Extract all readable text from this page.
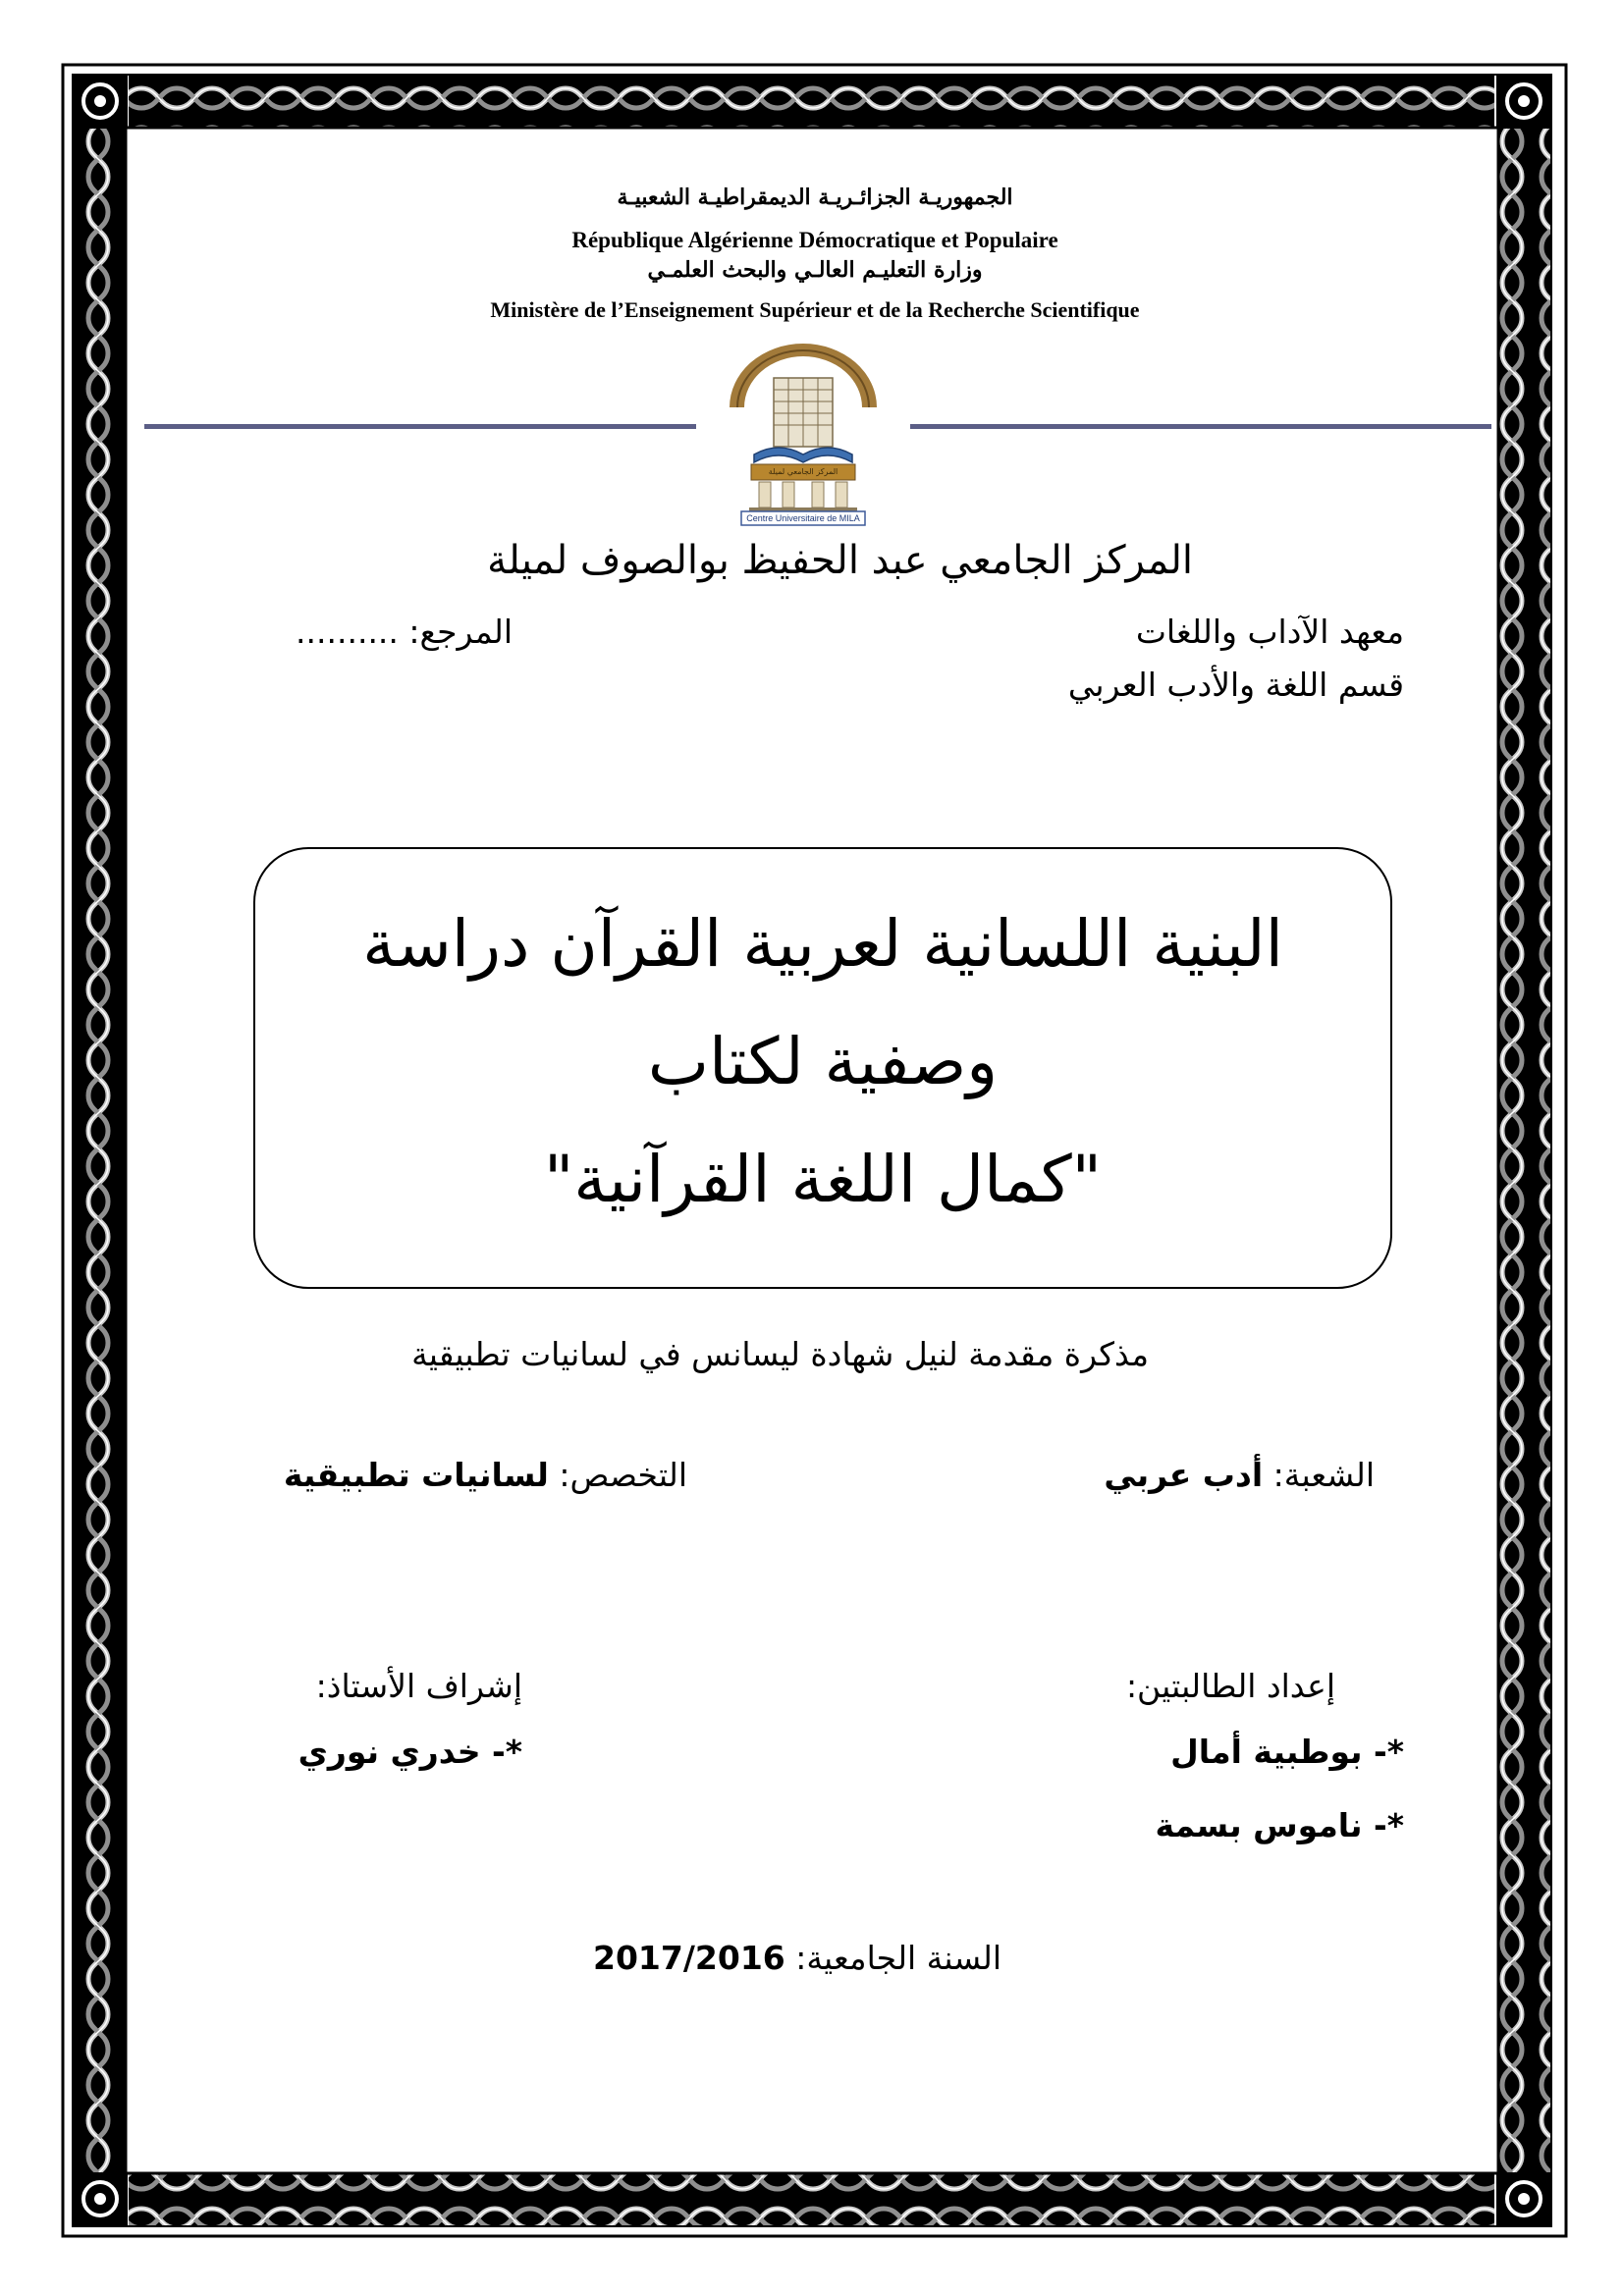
الجمهوريـة الجزائـريـة الديمقراطيـة الشعبيـة
République Algérienne Démocratique et Populaire
وزارة التعليـم العالـي والبحث العلمـي
Ministère de l’Enseignement Supérieur et de la Recherche Scientifique
المركز الجامعي لميلة
Centre Universitaire de MILA
المركز الجامعي عبد الحفيظ بوالصوف لميلة
معهد الآداب واللغات
المرجع: ..........
قسم اللغة والأدب العربي
البنية اللسانية لعربية القرآن دراسة
وصفية لكتاب
"كمال اللغة القرآنية"
مذكرة مقدمة لنيل شهادة ليسانس في لسانيات تطبيقية
الشعبة: أدب عربي
التخصص: لسانيات تطبيقية
إعداد الطالبتين:
*- بوطبية أمال
*- ناموس بسمة
إشراف الأستاذ:
*- خدري نوري
السنة الجامعية: 2017/2016
